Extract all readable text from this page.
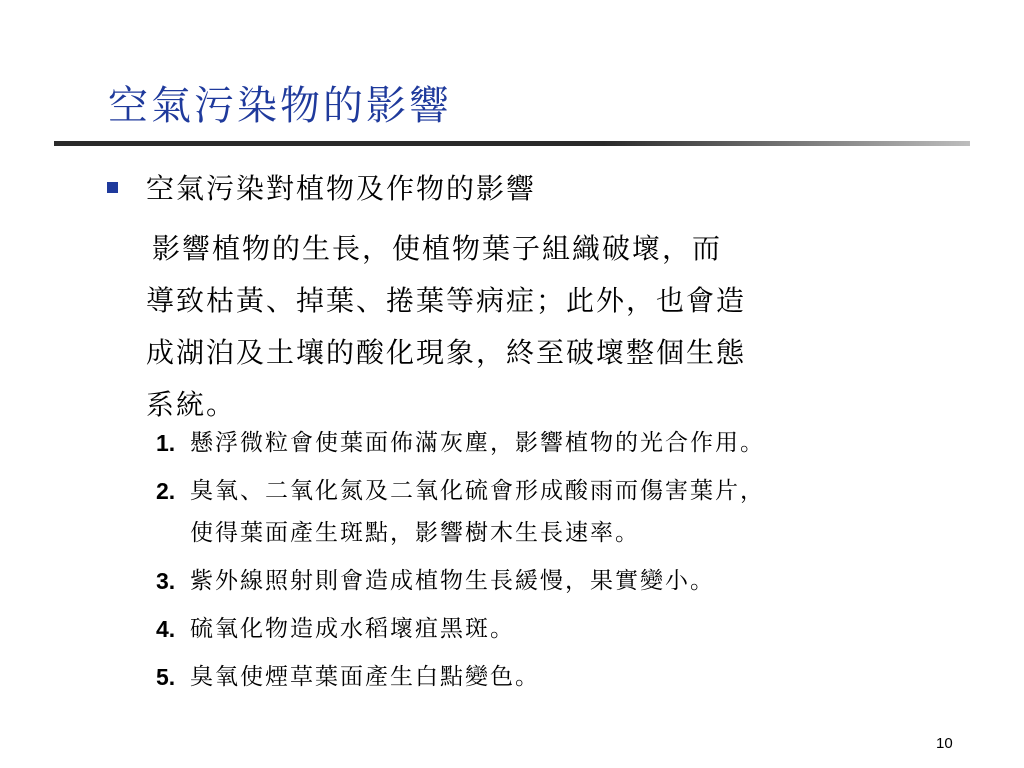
空氣污染物的影響

空氣污染對植物及作物的影響

影響植物的生長，使植物葉子組織破壞，而
導致枯黃、掉葉、捲葉等病症；此外，也會造
成湖泊及土壤的酸化現象，終至破壞整個生態
系統。

1. 懸浮微粒會使葉面佈滿灰塵，影響植物的光合作用。
2. 臭氧、二氧化氮及二氧化硫會形成酸雨而傷害葉片，
使得葉面產生斑點，影響樹木生長速率。
3. 紫外線照射則會造成植物生長緩慢，果實變小。
4. 硫氧化物造成水稻壞疽黑斑。
5. 臭氧使煙草葉面產生白點變色。
10
